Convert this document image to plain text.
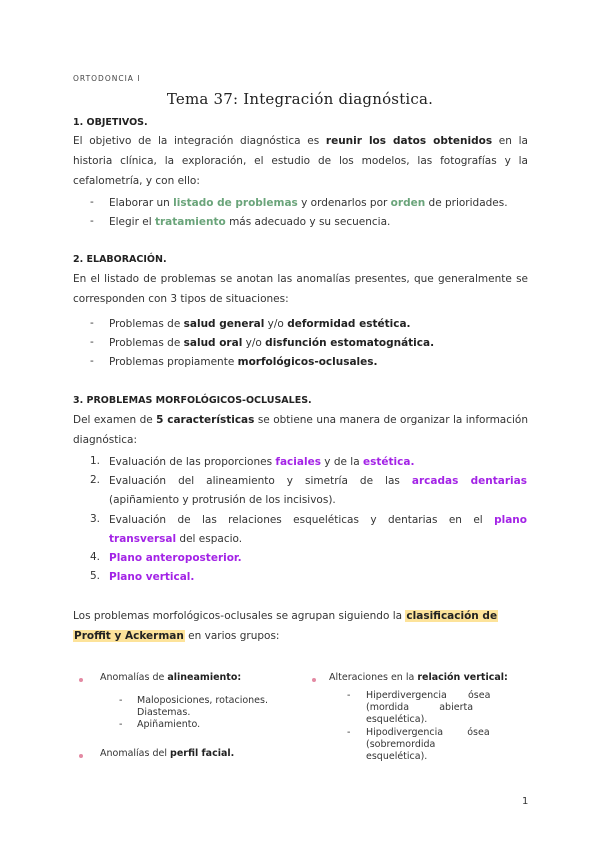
ORTODONCIA I
Tema 37: Integración diagnóstica.
1. OBJETIVOS.
El objetivo de la integración diagnóstica es reunir los datos obtenidos en la historia clínica, la exploración, el estudio de los modelos, las fotografías y la cefalometría, y con ello:
- Elaborar un listado de problemas y ordenarlos por orden de prioridades.
- Elegir el tratamiento más adecuado y su secuencia.
2. ELABORACIÓN.
En el listado de problemas se anotan las anomalías presentes, que generalmente se corresponden con 3 tipos de situaciones:
- Problemas de salud general y/o deformidad estética.
- Problemas de salud oral y/o disfunción estomatognática.
- Problemas propiamente morfológicos-oclusales.
3. PROBLEMAS MORFOLÓGICOS-OCLUSALES.
Del examen de 5 características se obtiene una manera de organizar la información diagnóstica:
1. Evaluación de las proporciones faciales y de la estética.
2. Evaluación del alineamiento y simetría de las arcadas dentarias
(apiñamiento y protrusión de los incisivos).
3. Evaluación de las relaciones esqueléticas y dentarias en el plano
transversal del espacio.
4. Plano anteroposterior.
5. Plano vertical.
Los problemas morfológicos-oclusales se agrupan siguiendo la clasificación de
Proffit y Ackerman en varios grupos:
Anomalías de alineamiento:
- Maloposiciones, rotaciones.
Diastemas.
- Apiñamiento.
Anomalías del perfil facial.
Alteraciones en la relación vertical:
- Hiperdivergencia       ósea
(mordida          abierta
esquelética).
- Hipodivergencia        ósea
(sobremordida
esquelética).
1
